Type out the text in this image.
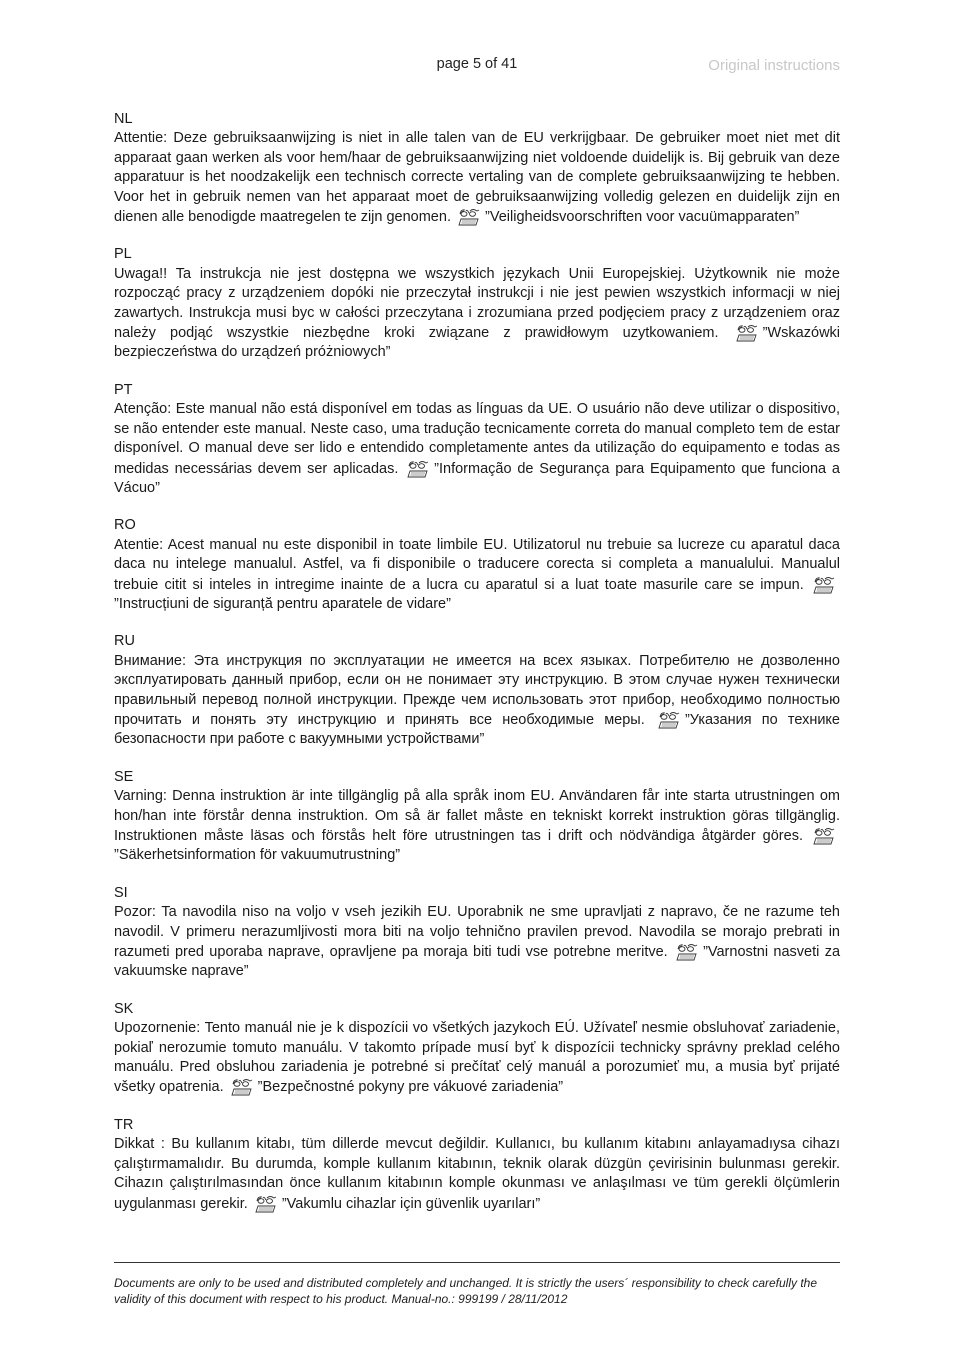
page 5 of 41	Original instructions
NL
Attentie: Deze gebruiksaanwijzing is niet in alle talen van de EU verkrijgbaar. De gebruiker moet niet met dit apparaat gaan werken als voor hem/haar de gebruiksaanwijzing niet voldoende duidelijk is. Bij gebruik van deze apparatuur is het noodzakelijk een technisch correcte vertaling van de complete gebruiksaanwijzing te hebben. Voor het in gebruik nemen van het apparaat moet de gebruiksaanwijzing volledig gelezen en duidelijk zijn en dienen alle benodigde maatregelen te zijn genomen. ”Veiligheidsvoorschriften voor vacuümapparaten”
PL
Uwaga!! Ta instrukcja nie jest dostępna we wszystkich językach Unii Europejskiej. Użytkownik nie może rozpocząć pracy z urządzeniem dopóki nie przeczytał instrukcji i nie jest pewien wszystkich informacji w niej zawartych. Instrukcja musi byc w całości przeczytana i zrozumiana przed podjęciem pracy z urządzeniem oraz należy podjąć wszystkie niezbędne kroki związane z prawidłowym uzytkowaniem.	”Wskazówki bezpieczeństwa do urządzeń próżniowych”
PT
Atenção: Este manual não está disponível em todas as línguas da UE. O usuário não deve utilizar o dispositivo, se não entender este manual. Neste caso, uma tradução tecnicamente correta do manual completo tem de estar disponível. O manual deve ser lido e entendido completamente antes da utilização do equipamento e todas as medidas necessárias devem ser aplicadas. ”Informação de Segurança para Equipamento que funciona a Vácuo”
RO
Atentie: Acest manual nu este disponibil in toate limbile EU. Utilizatorul nu trebuie sa lucreze cu aparatul daca daca nu intelege manualul. Astfel, va fi disponibile o traducere corecta si completa a manualului. Manualul trebuie citit si inteles in intregime inainte de a lucra cu aparatul si a luat toate masurile care se impun.
”Instrucțiuni de siguranță pentru aparatele de vidare”
RU
Внимание: Эта инструкция по эксплуатации не имеется на всех языках. Потребителю не дозволенно эксплуатировать данный прибор, если он не понимает эту инструкцию. В этом случае нужен технически правильный перевод полной инструкции. Прежде чем использовать этот прибор, необходимо полностью прочитать и понять эту инструкцию и принять все необходимые меры.	”Указания по технике безопасности при работе с вакуумными устройствами”
SE
Varning: Denna instruktion är inte tillgänglig på alla språk inom EU. Användaren får inte starta utrustningen om hon/han inte förstår denna instruktion. Om så är fallet måste en tekniskt korrekt instruktion göras tillgänglig. Instruktionen måste läsas och förstås helt före utrustningen tas i drift och nödvändiga åtgärder göres.
”Säkerhetsinformation för vakuumutrustning”
SI
Pozor: Ta navodila niso na voljo v vseh jezikih EU. Uporabnik ne sme upravljati z napravo, če ne razume teh navodil. V primeru nerazumljivosti mora biti na voljo tehnično pravilen prevod. Navodila se morajo prebrati in razumeti pred uporaba naprave, opravljene pa moraja biti tudi vse potrebne meritve. ”Varnostni nasveti za vakuumske naprave”
SK
Upozornenie: Tento manuál nie je k dispozícii vo všetkých jazykoch EÚ. Užívateľ nesmie obsluhovať zariadenie, pokiaľ nerozumie tomuto manuálu. V takomto prípade musí byť k dispozícii technicky správny preklad celého manuálu. Pred obsluhou zariadenia je potrebné si prečítať celý manuál a porozumieť mu, a musia byť prijaté všetky opatrenia. ”Bezpečnostné pokyny pre vákuové zariadenia”
TR
Dikkat : Bu kullanım kitabı, tüm dillerde mevcut değildir. Kullanıcı, bu kullanım kitabını anlayamadıysa cihazı çalıştırmamalıdır. Bu durumda, komple kullanım kitabının, teknik olarak düzgün çevirisinin bulunması gerekir. Cihazın çalıştırılmasından önce kullanım kitabının komple okunması ve anlaşılması ve tüm gerekli ölçümlerin uygulanması gerekir. ”Vakumlu cihazlar için güvenlik uyarıları”
Documents are only to be used and distributed completely and unchanged. It is strictly the users´ responsibility to check carefully the validity of this document with respect to his product. Manual-no.: 999199 / 28/11/2012
